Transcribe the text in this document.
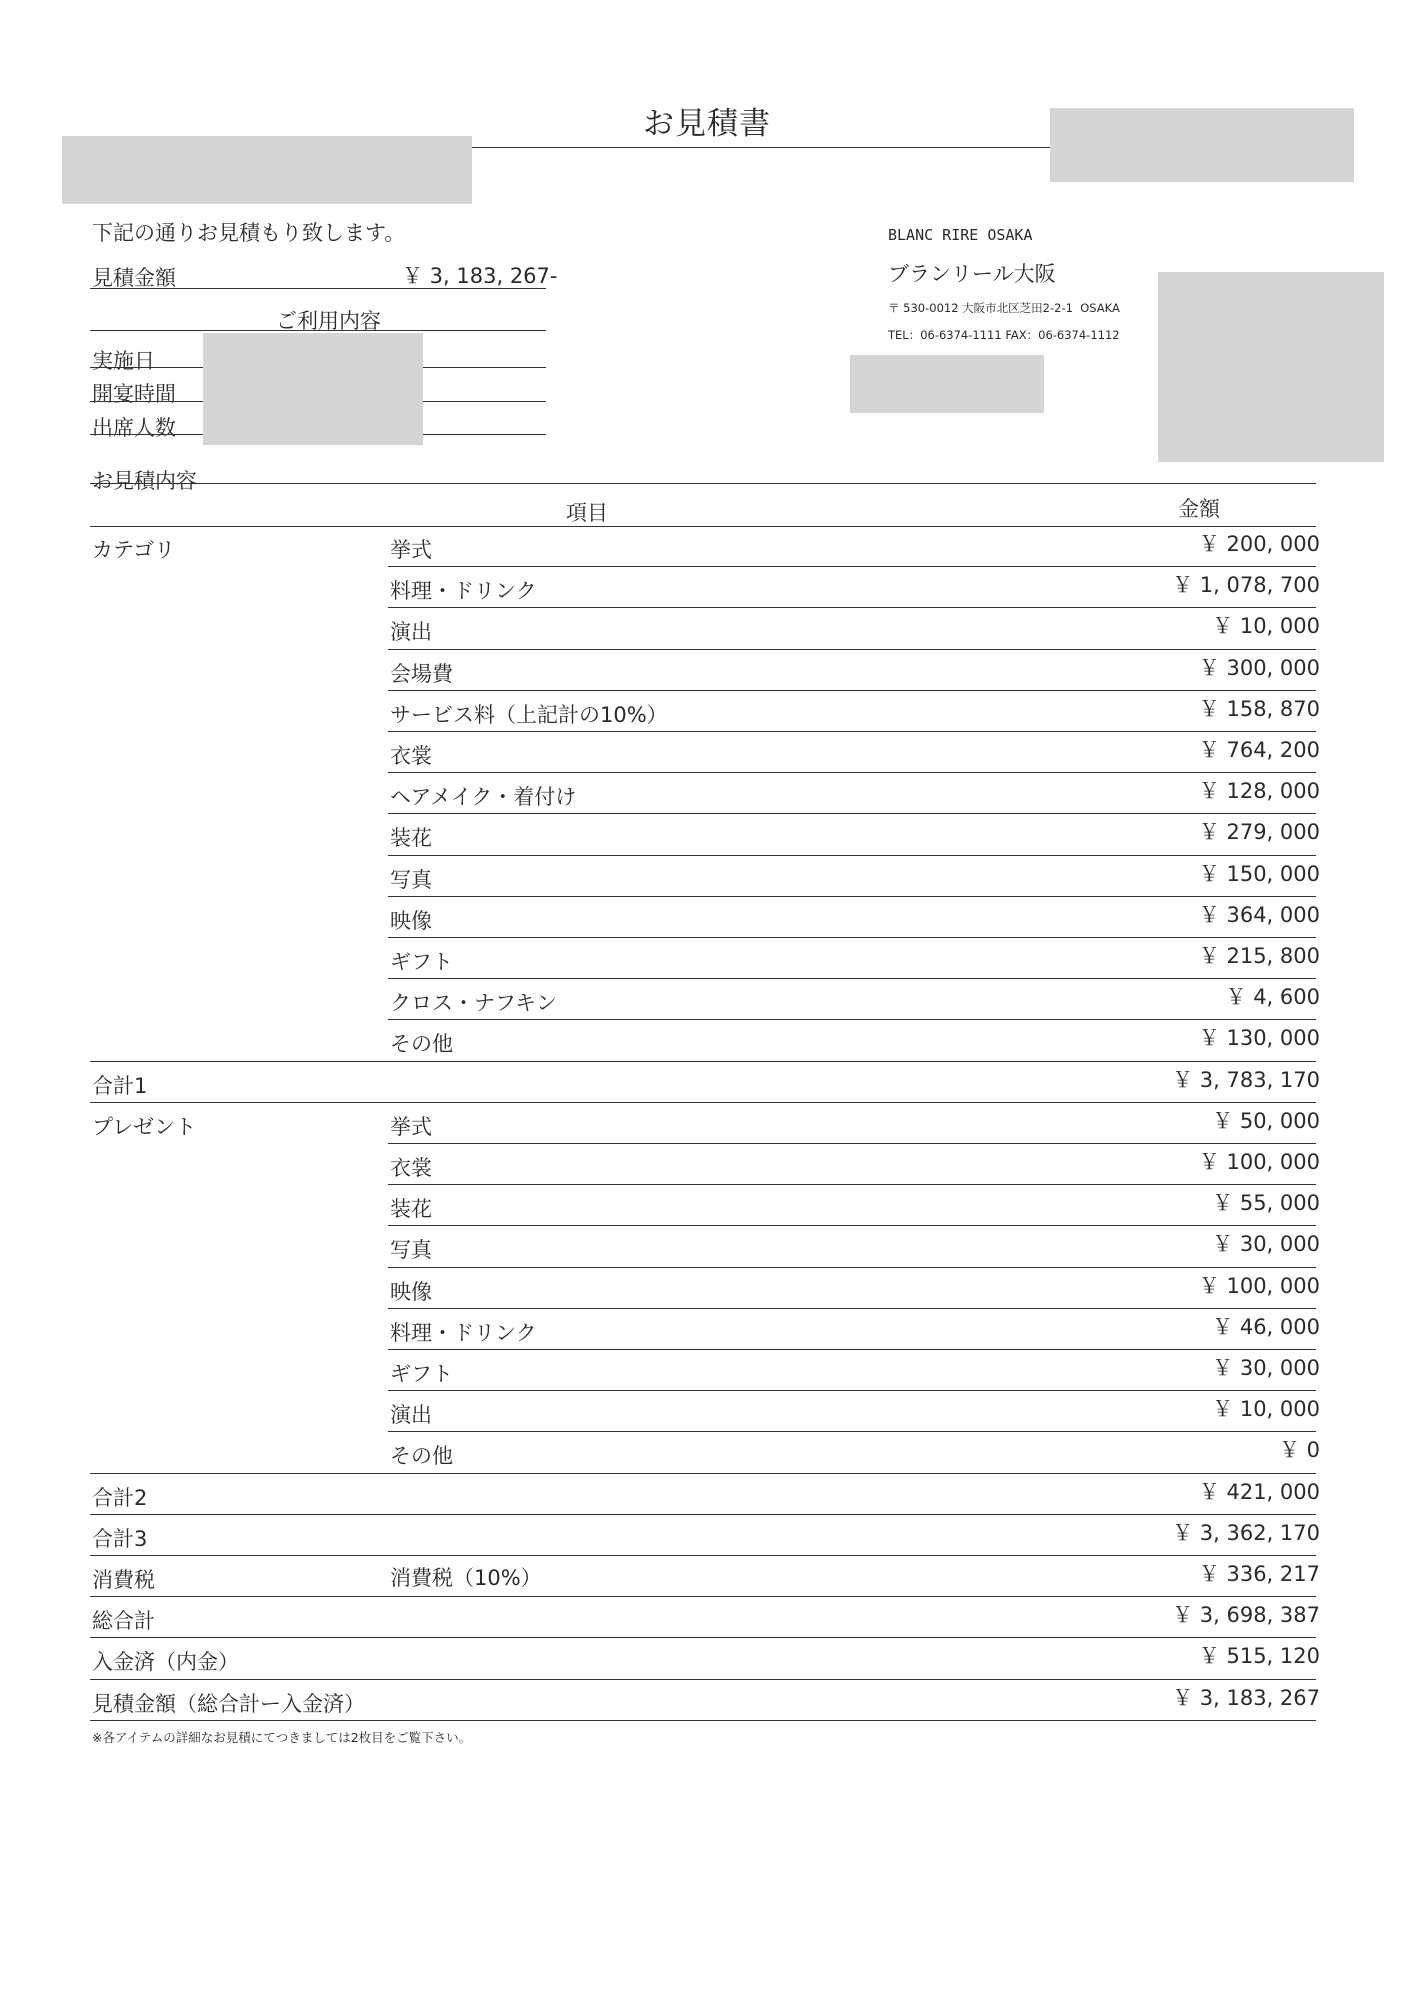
お見積書
下記の通りお見積もり致します。
見積金額	￥ 3, 183, 267-
ご利用内容
実施日
開宴時間
出席人数
BLANC RIRE OSAKA
ブランリール大阪
〒 530-0012 大阪市北区芝田2-2-1  OSAKA
TEL：06-6374-1111 FAX：06-6374-1112
お見積内容
項目	金額
カテゴリ	挙式	￥ 200, 000
料理・ドリンク	￥ 1, 078, 700
演出	￥ 10, 000
会場費	￥ 300, 000
サービス料（上記計の10%）	￥ 158, 870
衣裳	￥ 764, 200
ヘアメイク・着付け	￥ 128, 000
装花	￥ 279, 000
写真	￥ 150, 000
映像	￥ 364, 000
ギフト	￥ 215, 800
クロス・ナフキン	￥ 4, 600
その他	￥ 130, 000
合計1	￥ 3, 783, 170
プレゼント	挙式	￥ 50, 000
衣裳	￥ 100, 000
装花	￥ 55, 000
写真	￥ 30, 000
映像	￥ 100, 000
料理・ドリンク	￥ 46, 000
ギフト	￥ 30, 000
演出	￥ 10, 000
その他	￥ 0
合計2	￥ 421, 000
合計3	￥ 3, 362, 170
消費税	消費税（10%）	￥ 336, 217
総合計	￥ 3, 698, 387
入金済（内金）	￥ 515, 120
見積金額（総合計ー入金済）	￥ 3, 183, 267
※各アイテムの詳細なお見積にてつきましては2枚目をご覧下さい。
